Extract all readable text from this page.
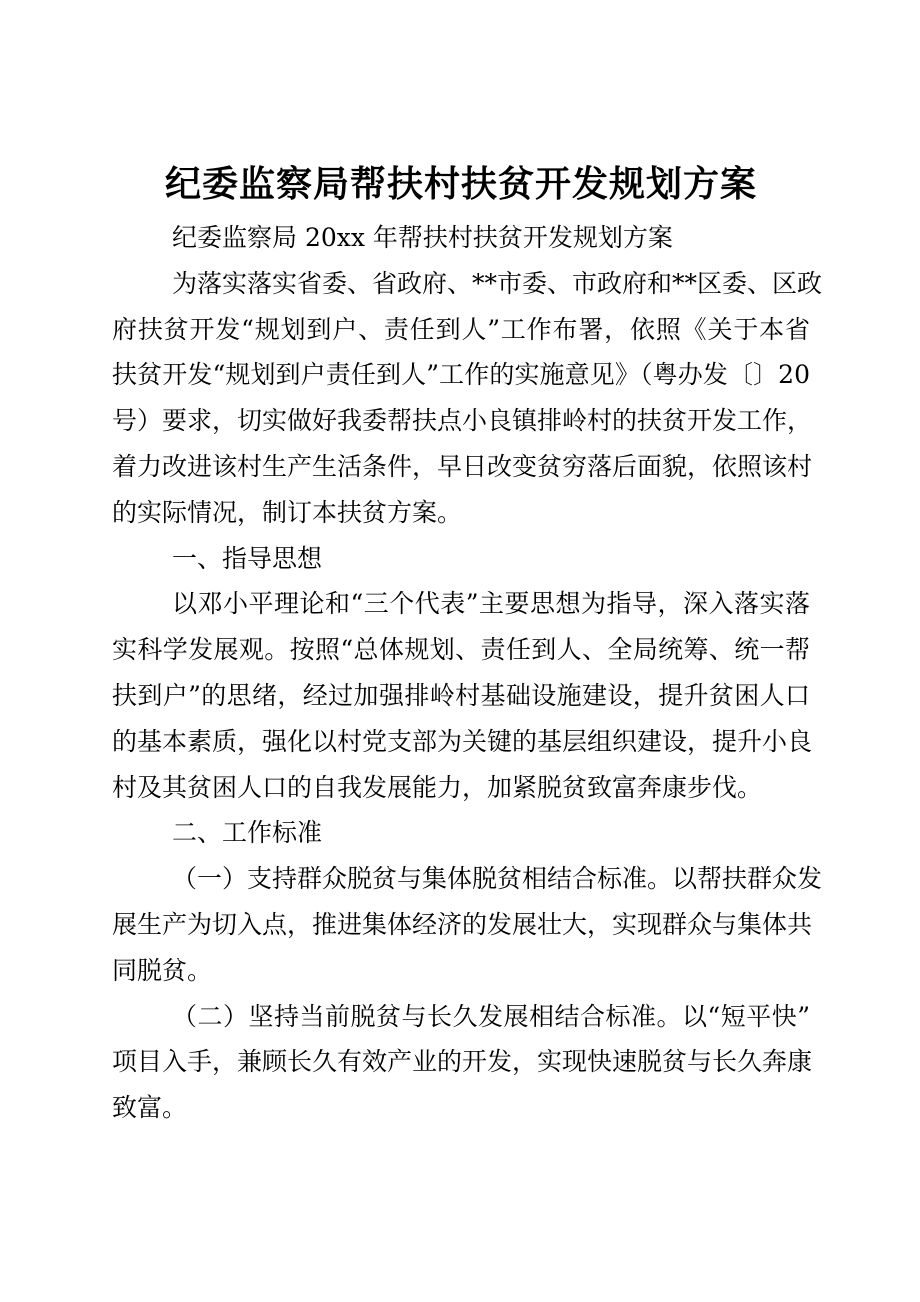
纪委监察局帮扶村扶贫开发规划方案
纪委监察局 20xx 年帮扶村扶贫开发规划方案
为落实落实省委、省政府、**市委、市政府和**区委、区政
府扶贫开发“规划到户、责任到人”工作布署，依照《关于本省
扶贫开发“规划到户责任到人”工作的实施意见》（粤办发〔〕20
号）要求，切实做好我委帮扶点小良镇排岭村的扶贫开发工作，
着力改进该村生产生活条件，早日改变贫穷落后面貌，依照该村
的实际情况，制订本扶贫方案。
一、指导思想
以邓小平理论和“三个代表”主要思想为指导，深入落实落
实科学发展观。按照“总体规划、责任到人、全局统筹、统一帮
扶到户”的思绪，经过加强排岭村基础设施建设，提升贫困人口
的基本素质，强化以村党支部为关键的基层组织建设，提升小良
村及其贫困人口的自我发展能力，加紧脱贫致富奔康步伐。
二、工作标准
（一）支持群众脱贫与集体脱贫相结合标准。以帮扶群众发
展生产为切入点，推进集体经济的发展壮大，实现群众与集体共
同脱贫。
（二）坚持当前脱贫与长久发展相结合标准。以“短平快”
项目入手，兼顾长久有效产业的开发，实现快速脱贫与长久奔康
致富。
